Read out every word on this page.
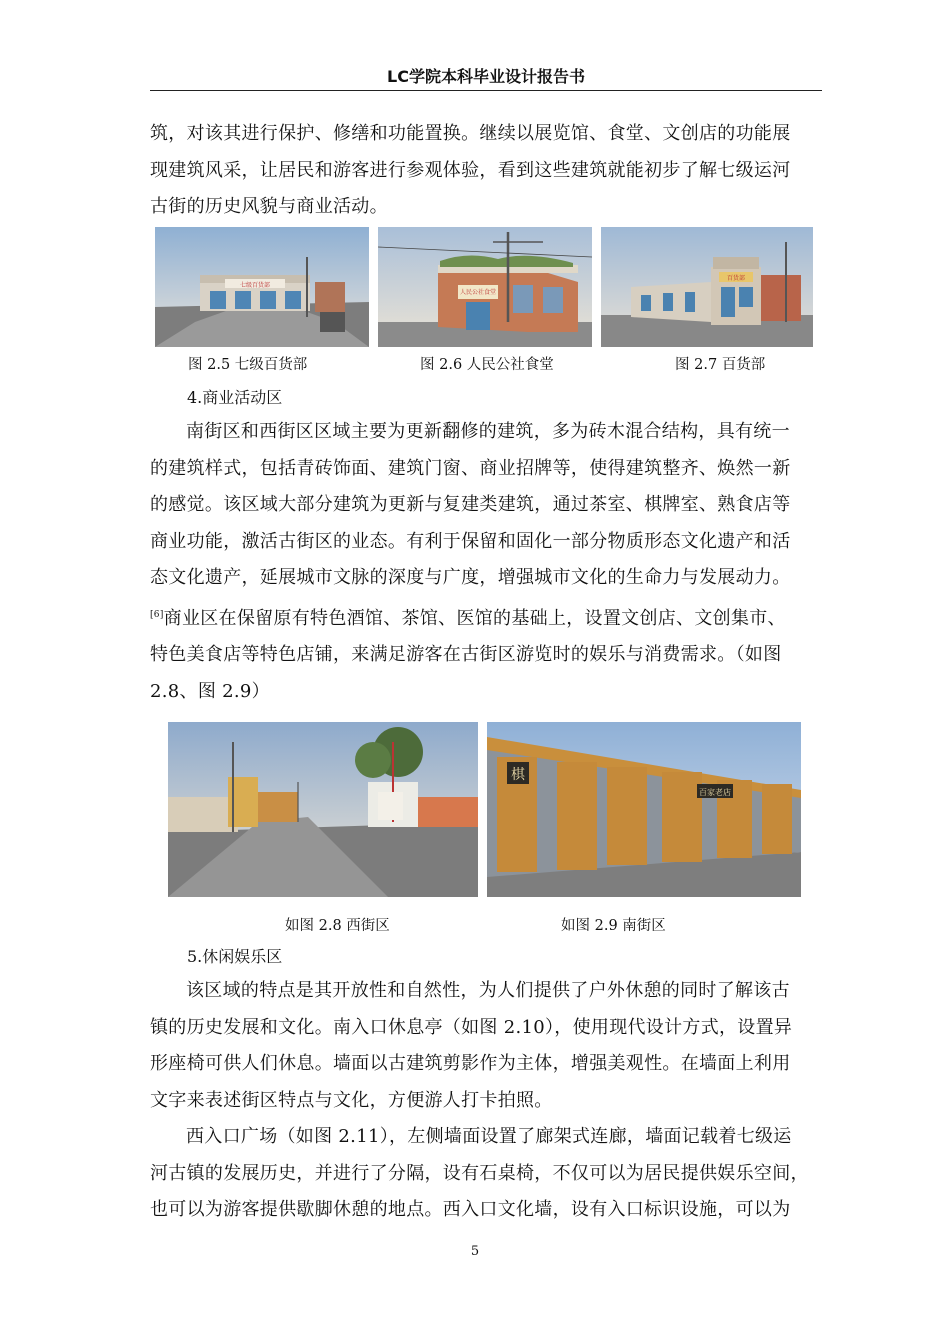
LC学院本科毕业设计报告书
筑，对该其进行保护、修缮和功能置换。继续以展览馆、食堂、文创店的功能展
现建筑风采，让居民和游客进行参观体验，看到这些建筑就能初步了解七级运河
古街的历史风貌与商业活动。
七级百货部
图 2.5 七级百货部
人民公社食堂
图 2.6 人民公社食堂
百货部
图 2.7 百货部
4.商业活动区
南街区和西街区区域主要为更新翻修的建筑，多为砖木混合结构，具有统一
的建筑样式，包括青砖饰面、建筑门窗、商业招牌等，使得建筑整齐、焕然一新
的感觉。该区域大部分建筑为更新与复建类建筑，通过茶室、棋牌室、熟食店等
商业功能，激活古街区的业态。有利于保留和固化一部分物质形态文化遗产和活
态文化遗产，延展城市文脉的深度与广度，增强城市文化的生命力与发展动力。
[6]商业区在保留原有特色酒馆、茶馆、医馆的基础上，设置文创店、文创集市、
特色美食店等特色店铺，来满足游客在古街区游览时的娱乐与消费需求。（如图
2.8、图 2.9）
如图 2.8 西街区
棋
百家老店
如图 2.9 南街区
5.休闲娱乐区
该区域的特点是其开放性和自然性，为人们提供了户外休憩的同时了解该古
镇的历史发展和文化。南入口休息亭（如图 2.10），使用现代设计方式，设置异
形座椅可供人们休息。墙面以古建筑剪影作为主体，增强美观性。在墙面上利用
文字来表述街区特点与文化，方便游人打卡拍照。
西入口广场（如图 2.11），左侧墙面设置了廊架式连廊，墙面记载着七级运
河古镇的发展历史，并进行了分隔，设有石桌椅，不仅可以为居民提供娱乐空间，
也可以为游客提供歇脚休憩的地点。西入口文化墙，设有入口标识设施，可以为
5
